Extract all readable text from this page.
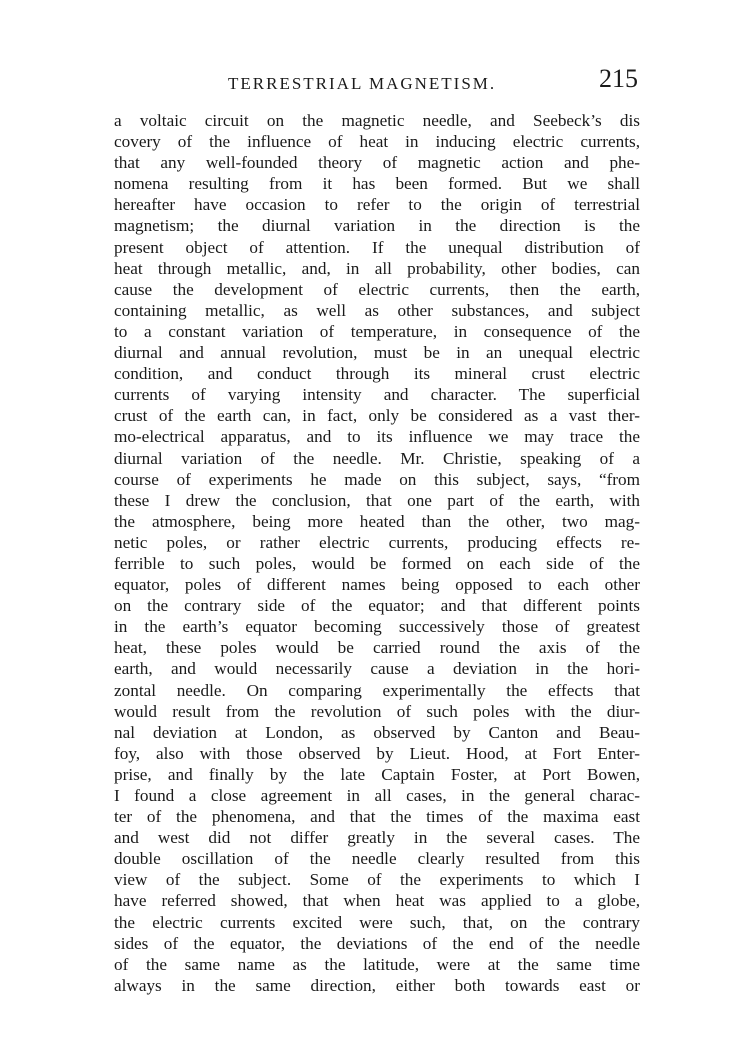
TERRESTRIAL MAGNETISM.	215
a voltaic circuit on the magnetic needle, and Seebeck’s dis
covery of the influence of heat in inducing electric currents,
that any well-founded theory of magnetic action and phe-
nomena resulting from it has been formed. But we shall
hereafter have occasion to refer to the origin of terrestrial
magnetism; the diurnal variation in the direction is the
present object of attention. If the unequal distribution of
heat through metallic, and, in all probability, other bodies, can
cause the development of electric currents, then the earth,
containing metallic, as well as other substances, and subject
to a constant variation of temperature, in consequence of the
diurnal and annual revolution, must be in an unequal electric
condition, and conduct through its mineral crust electric
currents of varying intensity and character. The superficial
crust of the earth can, in fact, only be considered as a vast ther-
mo-electrical apparatus, and to its influence we may trace the
diurnal variation of the needle. Mr. Christie, speaking of a
course of experiments he made on this subject, says, “from
these I drew the conclusion, that one part of the earth, with
the atmosphere, being more heated than the other, two mag-
netic poles, or rather electric currents, producing effects re-
ferrible to such poles, would be formed on each side of the
equator, poles of different names being opposed to each other
on the contrary side of the equator; and that different points
in the earth’s equator becoming successively those of greatest
heat, these poles would be carried round the axis of the
earth, and would necessarily cause a deviation in the hori-
zontal needle. On comparing experimentally the effects that
would result from the revolution of such poles with the diur-
nal deviation at London, as observed by Canton and Beau-
foy, also with those observed by Lieut. Hood, at Fort Enter-
prise, and finally by the late Captain Foster, at Port Bowen,
I found a close agreement in all cases, in the general charac-
ter of the phenomena, and that the times of the maxima east
and west did not differ greatly in the several cases. The
double oscillation of the needle clearly resulted from this
view of the subject. Some of the experiments to which I
have referred showed, that when heat was applied to a globe,
the electric currents excited were such, that, on the contrary
sides of the equator, the deviations of the end of the needle
of the same name as the latitude, were at the same time
always in the same direction, either both towards east or
